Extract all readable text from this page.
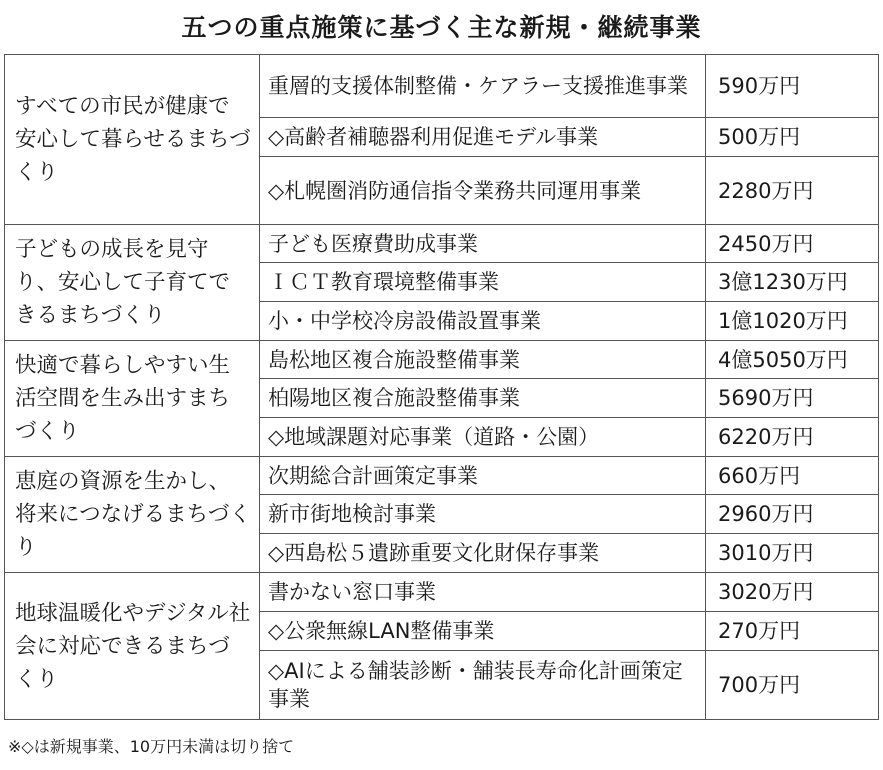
五つの重点施策に基づく主な新規・継続事業
すべての市民が健康で安心して暮らせるまちづくり	重層的支援体制整備・ケアラー支援推進事業	590万円
	◇高齢者補聴器利用促進モデル事業	500万円
	◇札幌圏消防通信指令業務共同運用事業	2280万円
子どもの成長を見守り、安心して子育てできるまちづくり	子ども医療費助成事業	2450万円
	ＩＣＴ教育環境整備事業	3億1230万円
	小・中学校冷房設備設置事業	1億1020万円
快適で暮らしやすい生活空間を生み出すまちづくり	島松地区複合施設整備事業	4億5050万円
	柏陽地区複合施設整備事業	5690万円
	◇地域課題対応事業（道路・公園）	6220万円
恵庭の資源を生かし、将来につなげるまちづくり	次期総合計画策定事業	660万円
	新市街地検討事業	2960万円
	◇西島松５遺跡重要文化財保存事業	3010万円
地球温暖化やデジタル社会に対応できるまちづくり	書かない窓口事業	3020万円
	◇公衆無線LAN整備事業	270万円
	◇AIによる舗装診断・舗装長寿命化計画策定事業	700万円
※◇は新規事業、10万円未満は切り捨て
